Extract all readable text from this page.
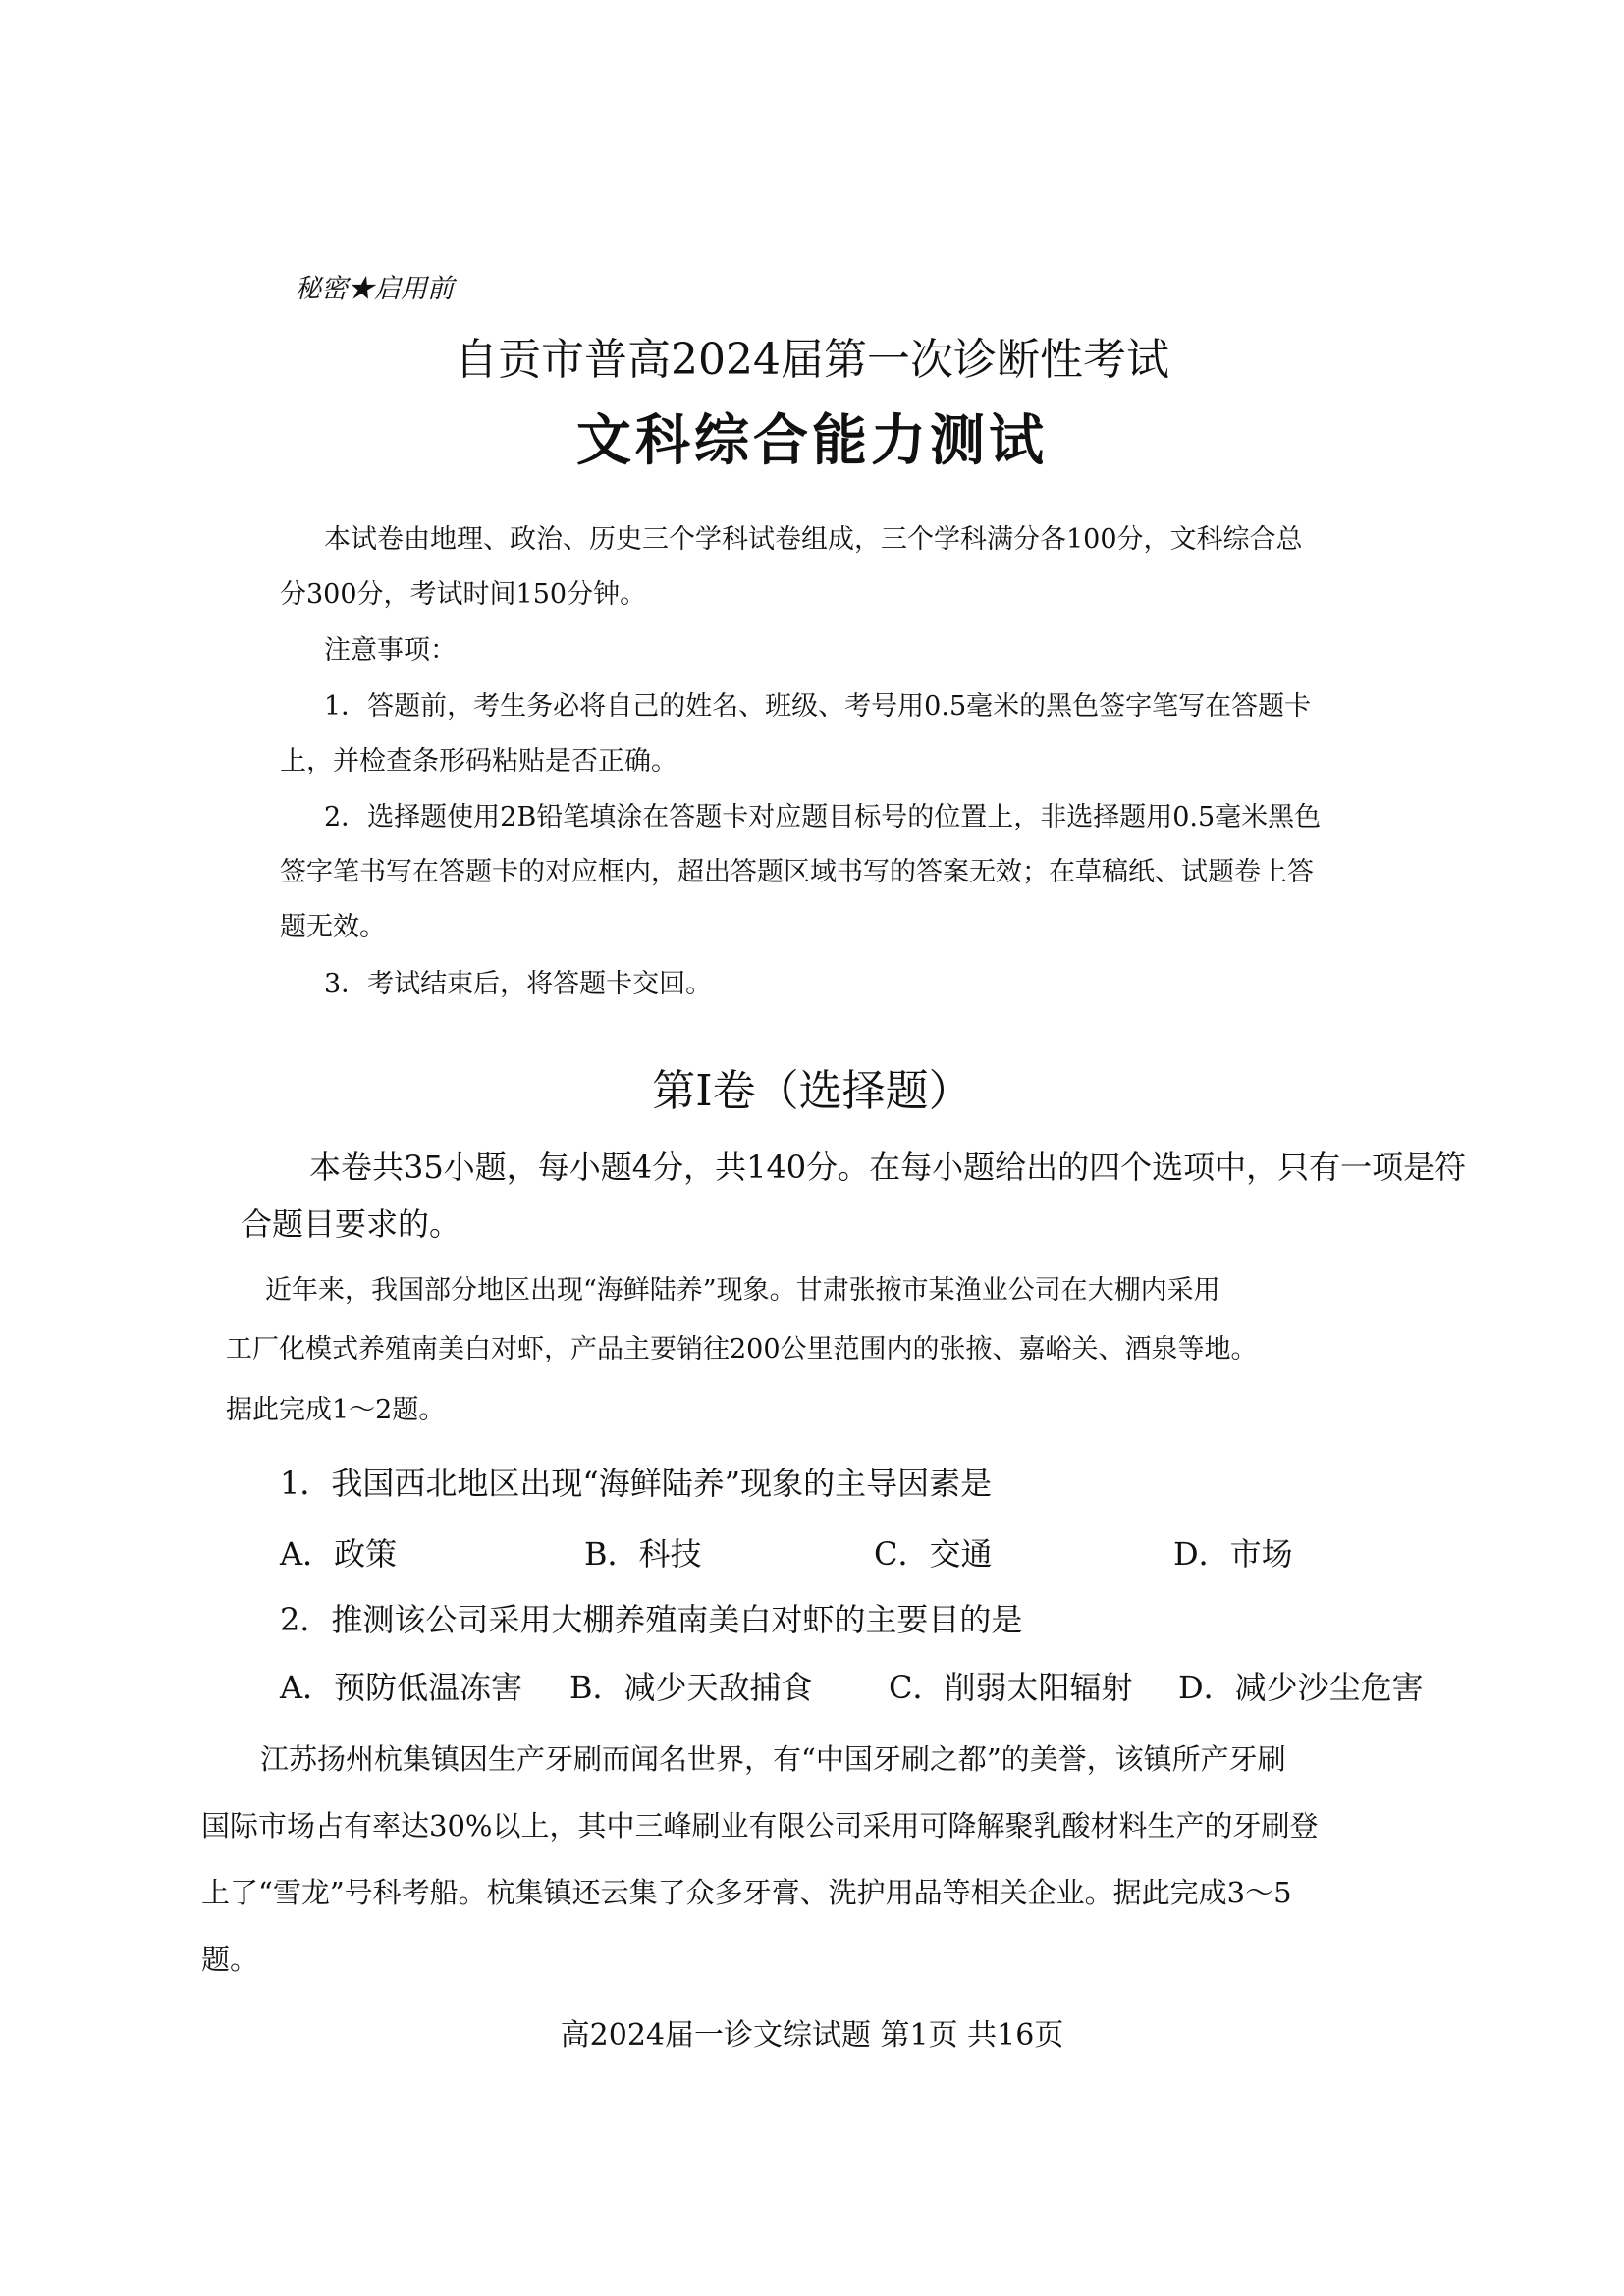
秘密★启用前
自贡市普高2024届第一次诊断性考试
文科综合能力测试
本试卷由地理、政治、历史三个学科试卷组成，三个学科满分各100分，文科综合总
分300分，考试时间150分钟。
注意事项：
1．答题前，考生务必将自己的姓名、班级、考号用0.5毫米的黑色签字笔写在答题卡
上，并检查条形码粘贴是否正确。
2．选择题使用2B铅笔填涂在答题卡对应题目标号的位置上，非选择题用0.5毫米黑色
签字笔书写在答题卡的对应框内，超出答题区域书写的答案无效；在草稿纸、试题卷上答
题无效。
3．考试结束后，将答题卡交回。
第Ⅰ卷（选择题）
本卷共35小题，每小题4分，共140分。在每小题给出的四个选项中，只有一项是符
合题目要求的。
近年来，我国部分地区出现“海鲜陆养”现象。甘肃张掖市某渔业公司在大棚内采用
工厂化模式养殖南美白对虾，产品主要销往200公里范围内的张掖、嘉峪关、酒泉等地。
据此完成1～2题。
1．我国西北地区出现“海鲜陆养”现象的主导因素是
A．政策	B．科技	C．交通	D．市场
2．推测该公司采用大棚养殖南美白对虾的主要目的是
A．预防低温冻害 B．减少天敌捕食 C．削弱太阳辐射 D．减少沙尘危害
江苏扬州杭集镇因生产牙刷而闻名世界，有“中国牙刷之都”的美誉，该镇所产牙刷
国际市场占有率达30%以上，其中三峰刷业有限公司采用可降解聚乳酸材料生产的牙刷登
上了“雪龙”号科考船。杭集镇还云集了众多牙膏、洗护用品等相关企业。据此完成3～5
题。
高2024届一诊文综试题 第1页 共16页
